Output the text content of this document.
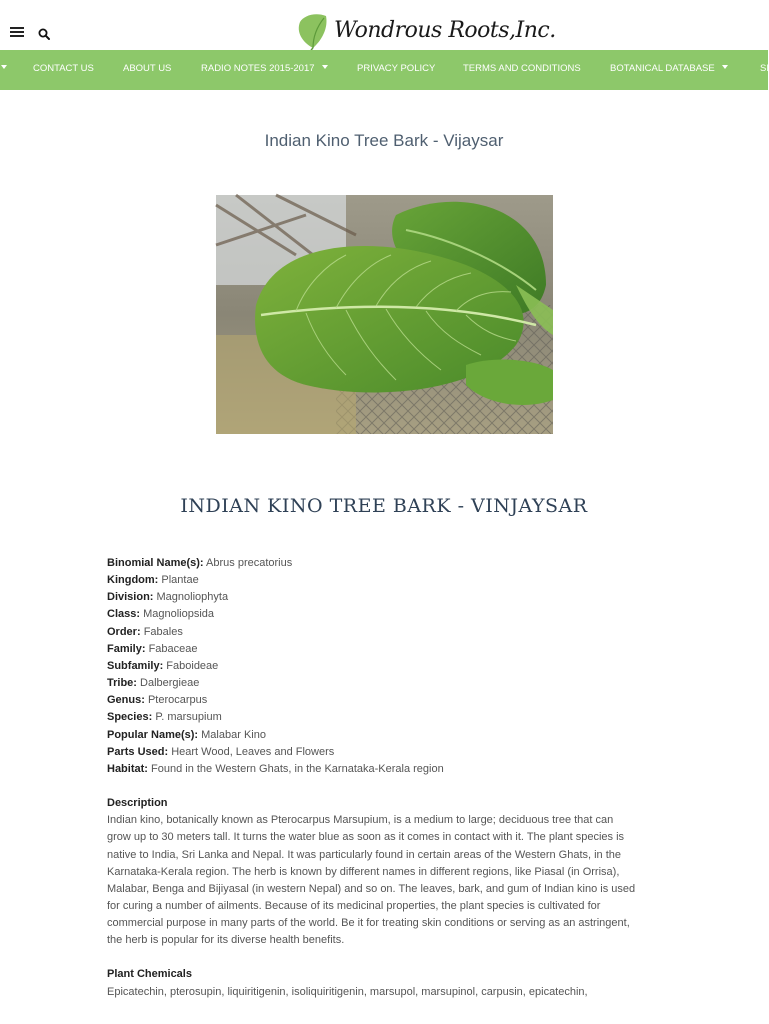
Wondrous Roots,Inc.
CONTACT US	ABOUT US	RADIO NOTES 2015-2017	PRIVACY POLICY	TERMS AND CONDITIONS	BOTANICAL DATABASE	SI
Indian Kino Tree Bark - Vijaysar
INDIAN KINO TREE BARK - VINJAYSAR
Binomial Name(s): Abrus precatorius
Kingdom: Plantae
Division: Magnoliophyta
Class: Magnoliopsida
Order: Fabales
Family: Fabaceae
Subfamily: Faboideae
Tribe: Dalbergieae
Genus: Pterocarpus
Species: P. marsupium
Popular Name(s): Malabar Kino
Parts Used: Heart Wood, Leaves and Flowers
Habitat: Found in the Western Ghats, in the Karnataka-Kerala region
Description
Indian kino, botanically known as Pterocarpus Marsupium, is a medium to large; deciduous tree that can
grow up to 30 meters tall. It turns the water blue as soon as it comes in contact with it. The plant species is
native to India, Sri Lanka and Nepal. It was particularly found in certain areas of the Western Ghats, in the
Karnataka-Kerala region. The herb is known by different names in different regions, like Piasal (in Orrisa),
Malabar, Benga and Bijiyasal (in western Nepal) and so on. The leaves, bark, and gum of Indian kino is used
for curing a number of ailments. Because of its medicinal properties, the plant species is cultivated for
commercial purpose in many parts of the world. Be it for treating skin conditions or serving as an astringent,
the herb is popular for its diverse health benefits.
Plant Chemicals
Epicatechin, pterosupin, liquiritigenin, isoliquiritigenin, marsupol, marsupinol, carpusin, epicatechin,
